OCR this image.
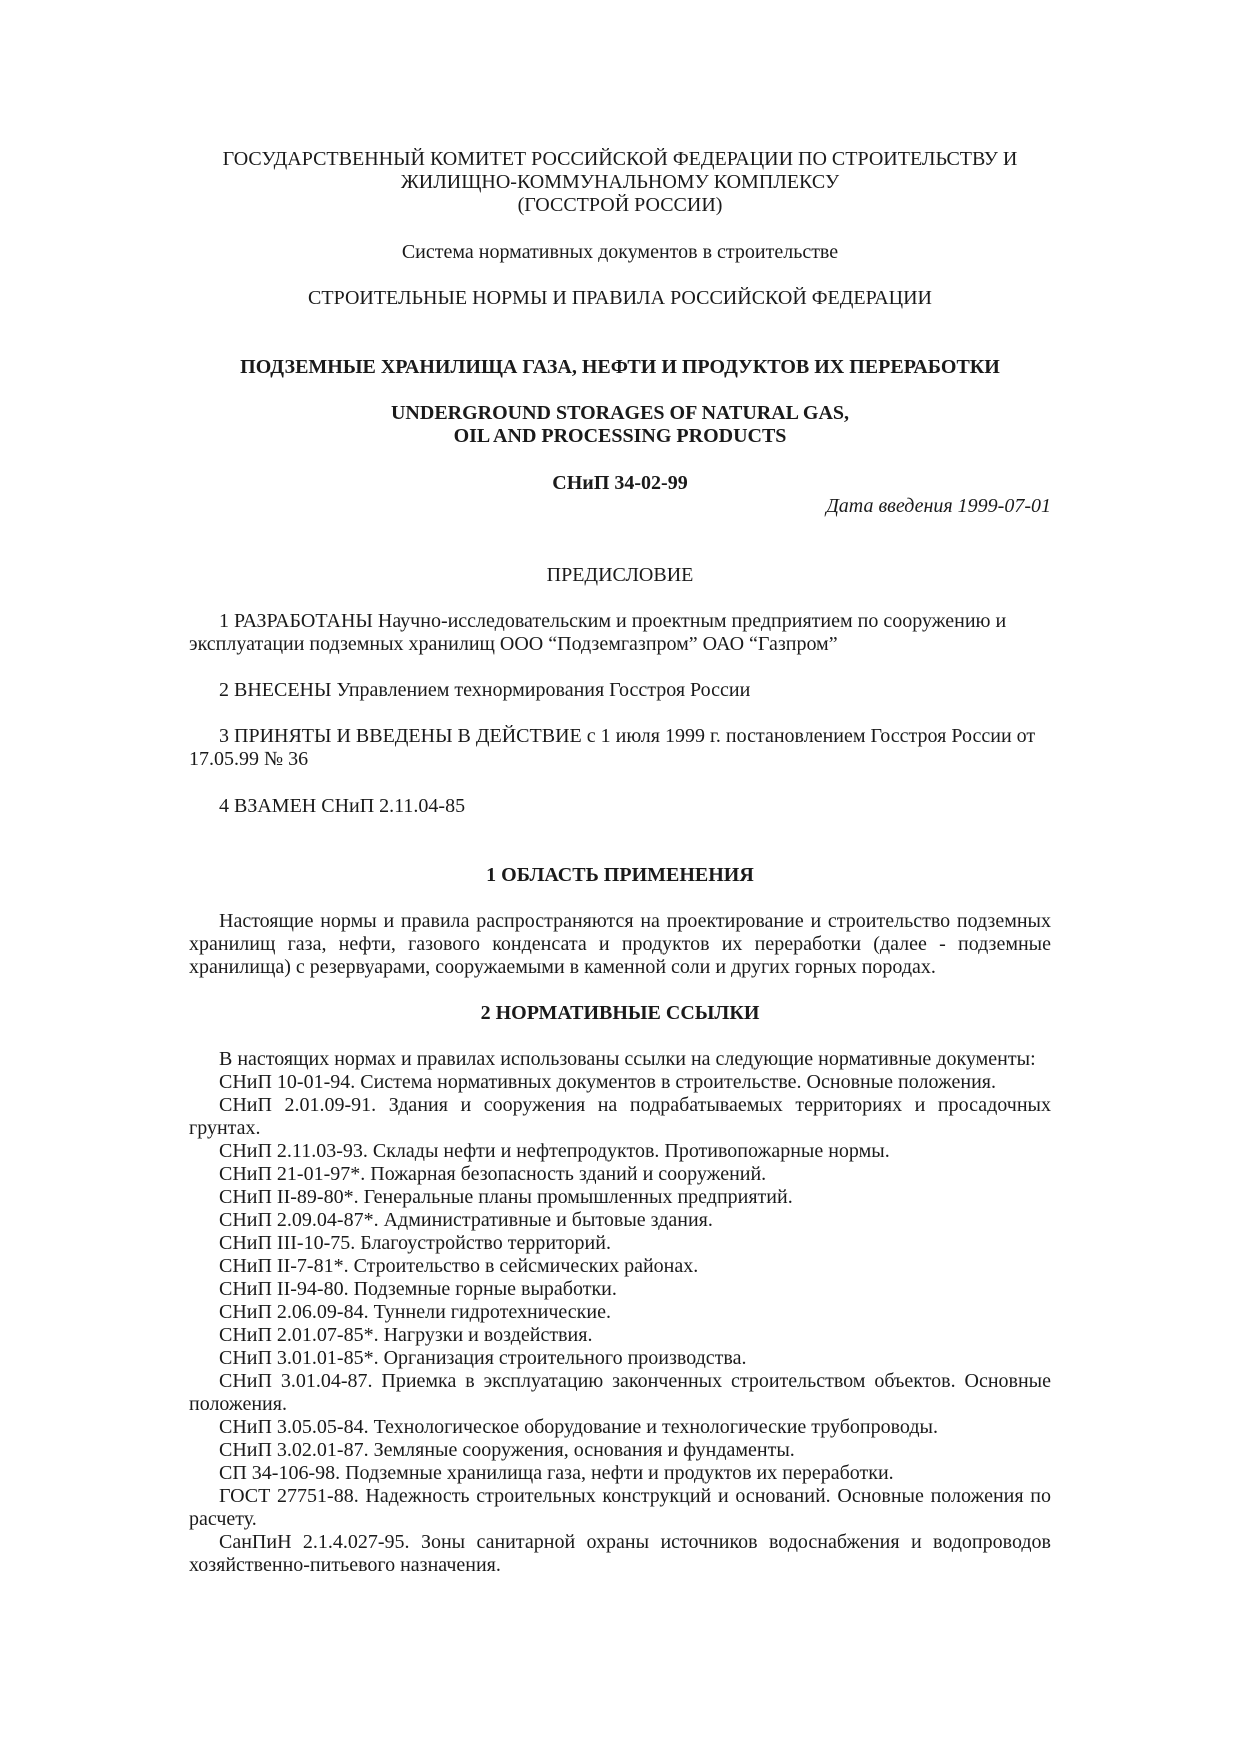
ГОСУДАРСТВЕННЫЙ КОМИТЕТ РОССИЙСКОЙ ФЕДЕРАЦИИ ПО СТРОИТЕЛЬСТВУ И
ЖИЛИЩНО-КОММУНАЛЬНОМУ КОМПЛЕКСУ
(ГОССТРОЙ РОССИИ)
Система нормативных документов в строительстве
СТРОИТЕЛЬНЫЕ НОРМЫ И ПРАВИЛА РОССИЙСКОЙ ФЕДЕРАЦИИ
ПОДЗЕМНЫЕ ХРАНИЛИЩА ГАЗА, НЕФТИ И ПРОДУКТОВ ИХ ПЕРЕРАБОТКИ
UNDERGROUND STORAGES OF NATURAL GAS,
OIL AND PROCESSING PRODUCTS
СНиП 34-02-99
Дата введения 1999-07-01
ПРЕДИСЛОВИЕ

1 РАЗРАБОТАНЫ Научно-исследовательским и проектным предприятием по сооружению и эксплуатации подземных хранилищ ООО “Подземгазпром” ОАО “Газпром”

2 ВНЕСЕНЫ Управлением технормирования Госстроя России

3 ПРИНЯТЫ И ВВЕДЕНЫ В ДЕЙСТВИЕ с 1 июля 1999 г. постановлением Госстроя России от 17.05.99 № 36

4 ВЗАМЕН СНиП 2.11.04-85

1 ОБЛАСТЬ ПРИМЕНЕНИЯ

Настоящие нормы и правила распространяются на проектирование и строительство подземных хранилищ газа, нефти, газового конденсата и продуктов их переработки (далее - подземные хранилища) с резервуарами, сооружаемыми в каменной соли и других горных породах.

2 НОРМАТИВНЫЕ ССЫЛКИ

В настоящих нормах и правилах использованы ссылки на следующие нормативные документы:

СНиП 10-01-94. Система нормативных документов в строительстве. Основные положения.

СНиП 2.01.09-91. Здания и сооружения на подрабатываемых территориях и просадочных грунтах.

СНиП 2.11.03-93. Склады нефти и нефтепродуктов. Противопожарные нормы.

СНиП 21-01-97*. Пожарная безопасность зданий и сооружений.

СНиП II-89-80*. Генеральные планы промышленных предприятий.

СНиП 2.09.04-87*. Административные и бытовые здания.

СНиП III-10-75. Благоустройство территорий.

СНиП II-7-81*. Строительство в сейсмических районах.

СНиП II-94-80. Подземные горные выработки.

СНиП 2.06.09-84. Туннели гидротехнические.

СНиП 2.01.07-85*. Нагрузки и воздействия.

СНиП 3.01.01-85*. Организация строительного производства.

СНиП 3.01.04-87. Приемка в эксплуатацию законченных строительством объектов. Основные положения.

СНиП 3.05.05-84. Технологическое оборудование и технологические трубопроводы.

СНиП 3.02.01-87. Земляные сооружения, основания и фундаменты.

СП 34-106-98. Подземные хранилища газа, нефти и продуктов их переработки.

ГОСТ 27751-88. Надежность строительных конструкций и оснований. Основные положения по расчету.

СанПиН 2.1.4.027-95. Зоны санитарной охраны источников водоснабжения и водопроводов хозяйственно-питьевого назначения.
